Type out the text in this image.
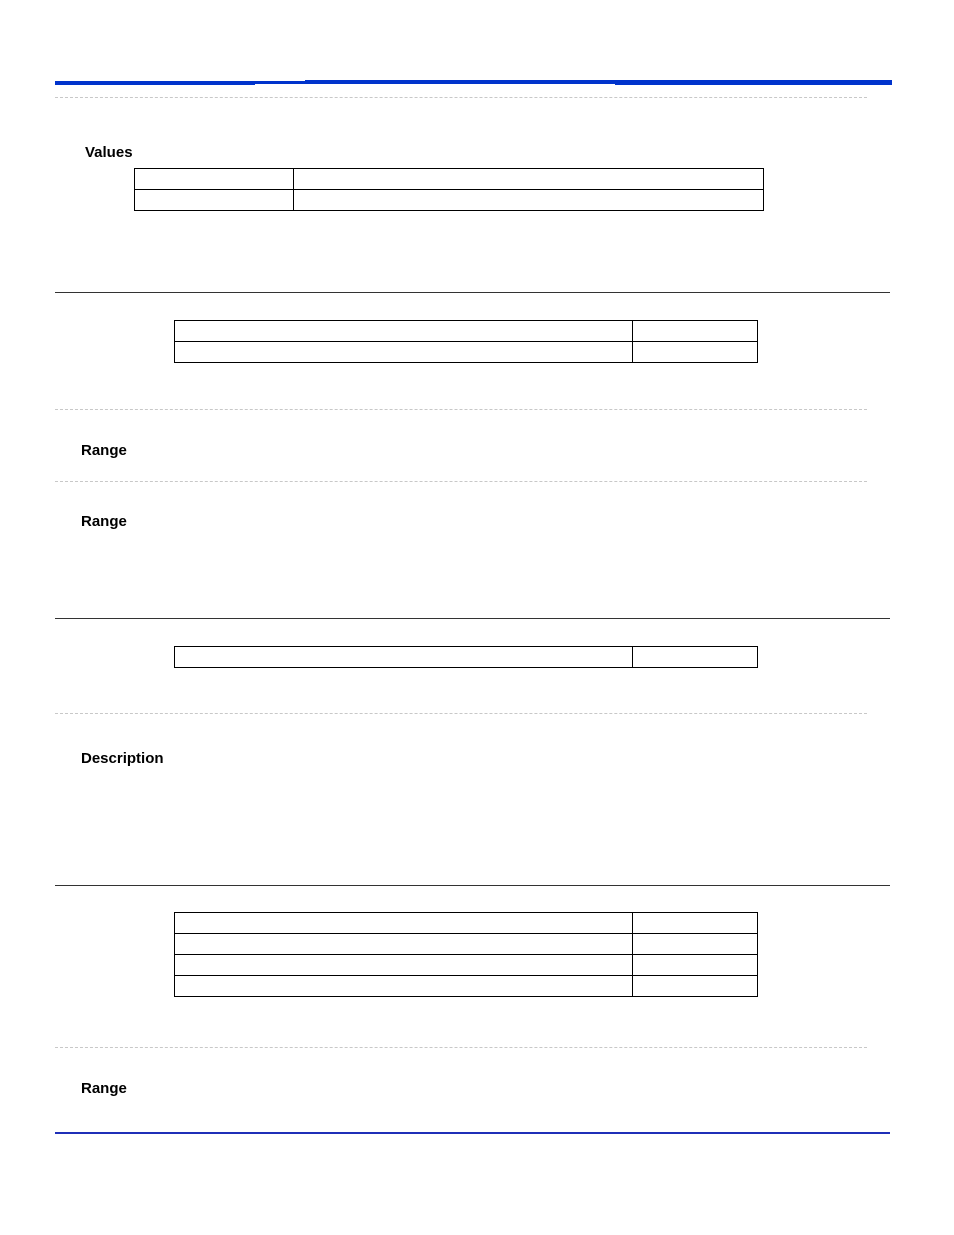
Values

Range
Range

Description

Range
